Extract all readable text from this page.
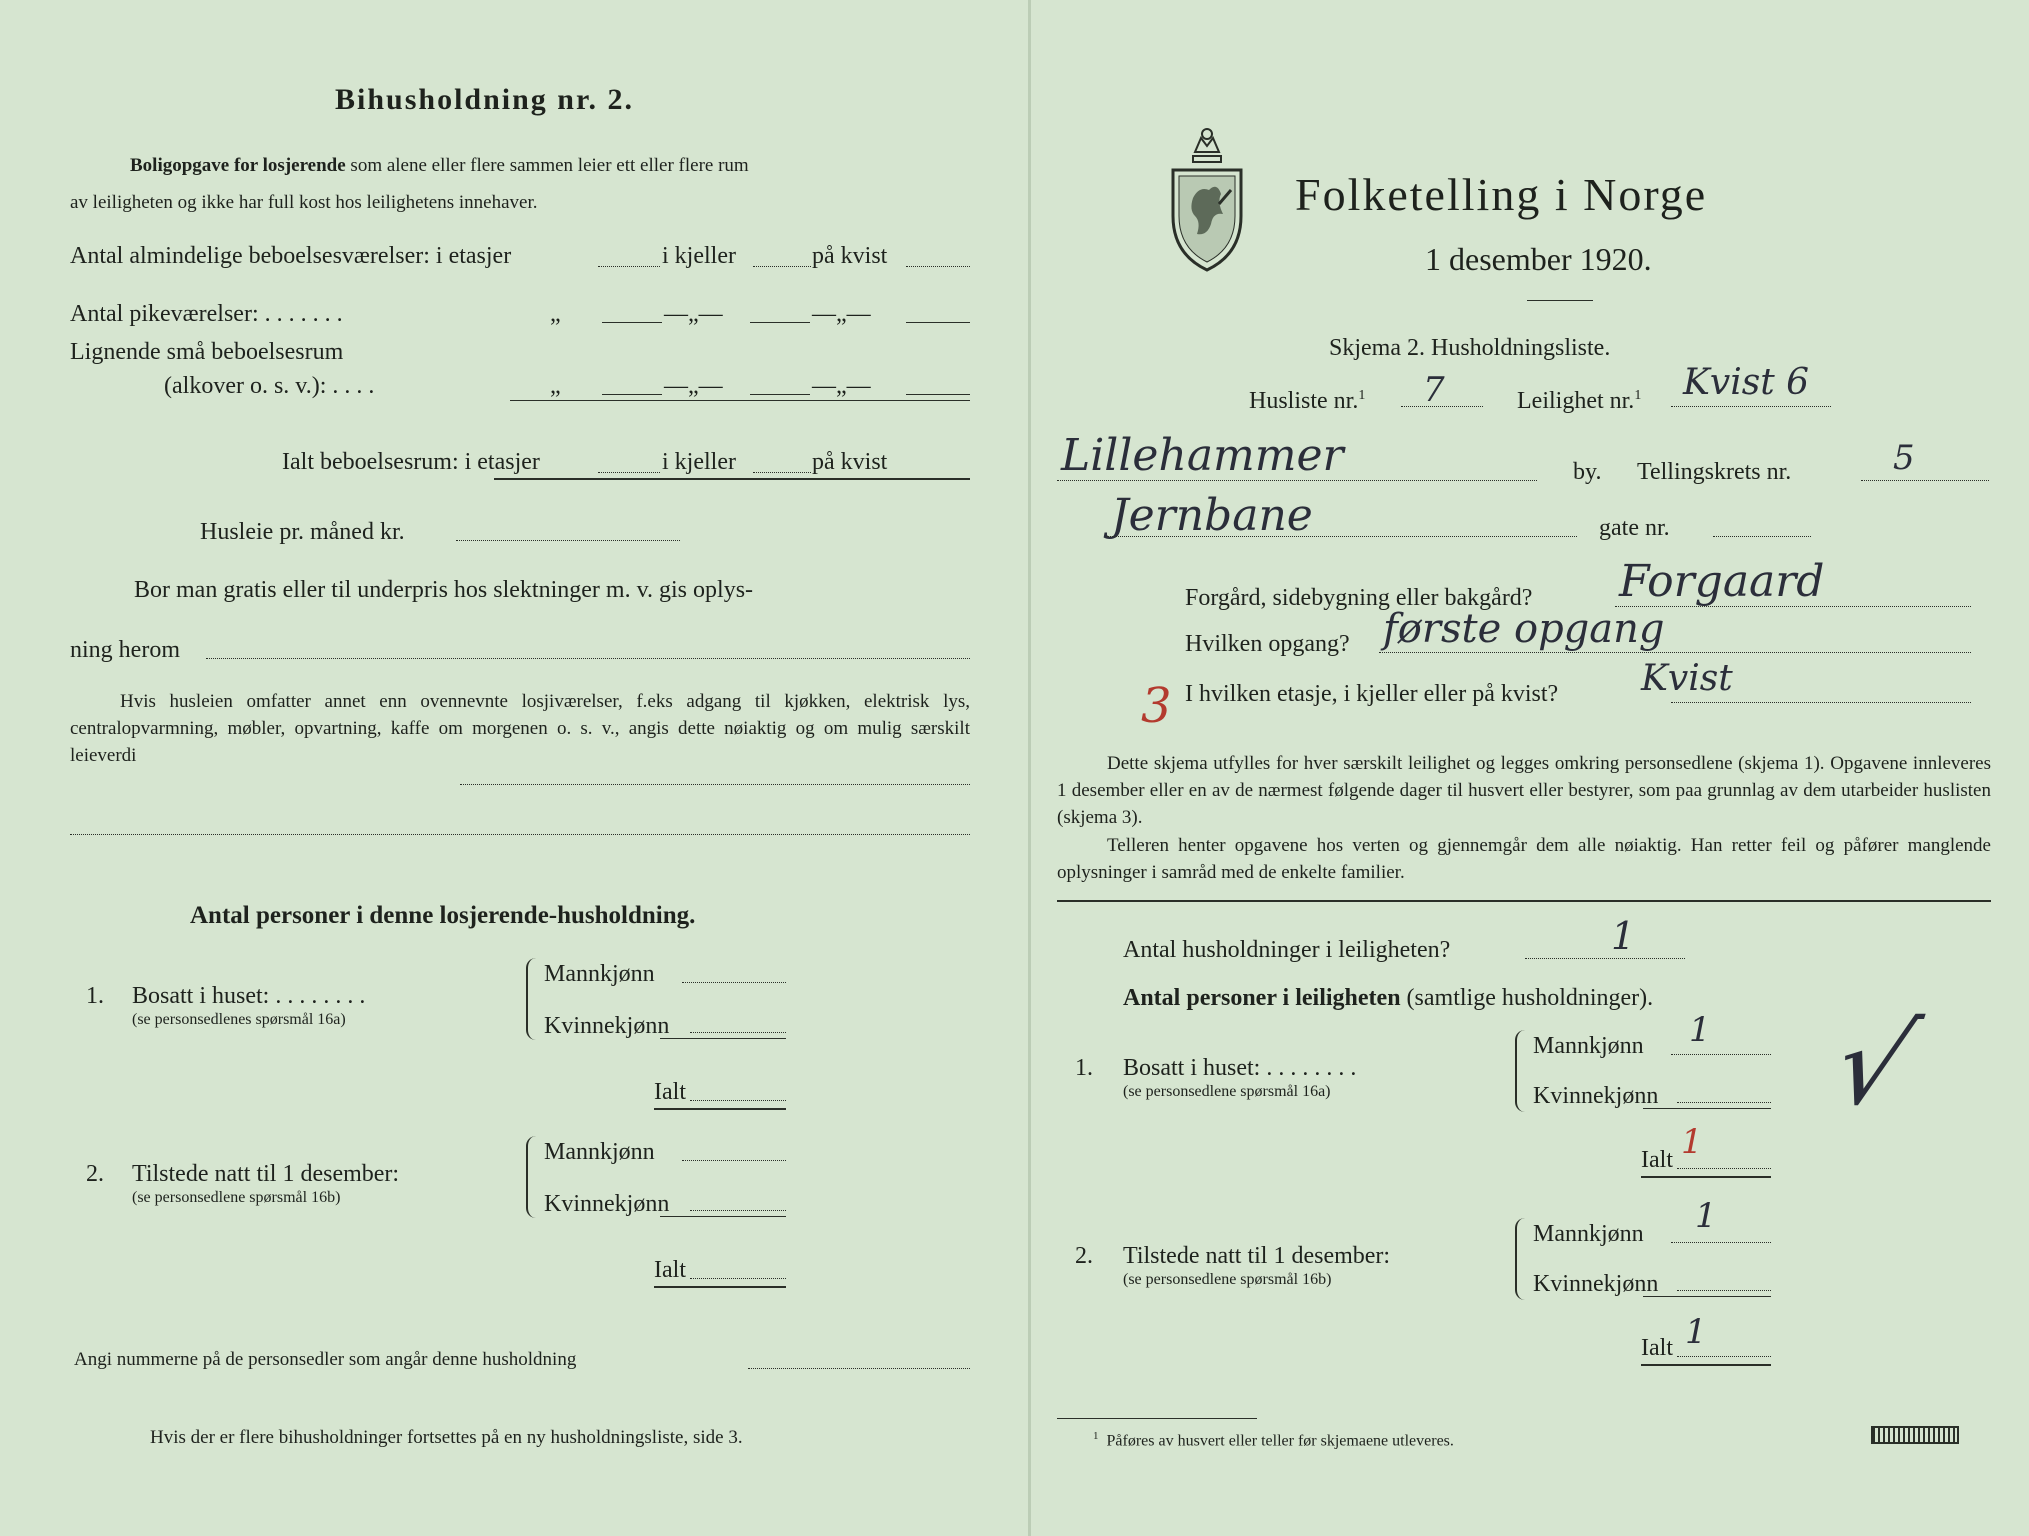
Bihusholdning nr. 2.
Boligopgave for losjerende som alene eller flere sammen leier ett eller flere rum
av leiligheten og ikke har full kost hos leilighetens innehaver.
Antal almindelige beboelsesværelser: i etasjer	i kjeller	på kvist
Antal pikeværelser: . . . . . . .	„	—„—	—„—
Lignende små beboelsesrum
(alkover o. s. v.): . . . .	„	—„—	—„—
Ialt beboelsesrum: i etasjer	i kjeller	på kvist
Husleie pr. måned kr.
Bor man gratis eller til underpris hos slektninger m. v. gis oplys-
ning herom
Hvis husleien omfatter annet enn ovennevnte losjiværelser, f.eks adgang til kjøkken, elektrisk lys, centralopvarmning, møbler, opvartning, kaffe om morgenen o. s. v., angis dette nøiaktig og om mulig særskilt leieverdi
Antal personer i denne losjerende-husholdning.
1. Bosatt i huset: . . . . . . . .
(se personsedlenes spørsmål 16a)
Mannkjønn
Kvinnekjønn
Ialt
2. Tilstede natt til 1 desember:
(se personsedlene spørsmål 16b)
Mannkjønn
Kvinnekjønn
Ialt
Angi nummerne på de personsedler som angår denne husholdning
Hvis der er flere bihusholdninger fortsettes på en ny husholdningsliste, side 3.
Folketelling i Norge
1 desember 1920.
Skjema 2. Husholdningsliste.
Husliste nr.$^1$ 7	Leilighet nr.$^1$ Kvist 6
Lillehammer	by. Tellingskrets nr.	5
Jernbane	gate nr.
Forgård, sidebygning eller bakgård? Forgaard
Hvilken opgang? første opgang
3 I hvilken etasje, i kjeller eller på kvist? Kvist
Dette skjema utfylles for hver særskilt leilighet og legges omkring personsedlene (skjema 1). Opgavene innleveres 1 desember eller en av de nærmest følgende dager til husvert eller bestyrer, som paa grunnlag av dem utarbeider huslisten (skjema 3).
Telleren henter opgavene hos verten og gjennemgår dem alle nøiaktig. Han retter feil og påfører manglende oplysninger i samråd med de enkelte familier.
Antal husholdninger i leiligheten?	1
Antal personer i leiligheten (samtlige husholdninger).
1. Bosatt i huset: . . . . . . . .
(se personsedlene spørsmål 16a)
Mannkjønn 1
Kvinnekjønn
Ialt 1
√
2. Tilstede natt til 1 desember:
(se personsedlene spørsmål 16b)
Mannkjønn 1
Kvinnekjønn
Ialt 1
$^1$ Påføres av husvert eller teller før skjemaene utleveres.
